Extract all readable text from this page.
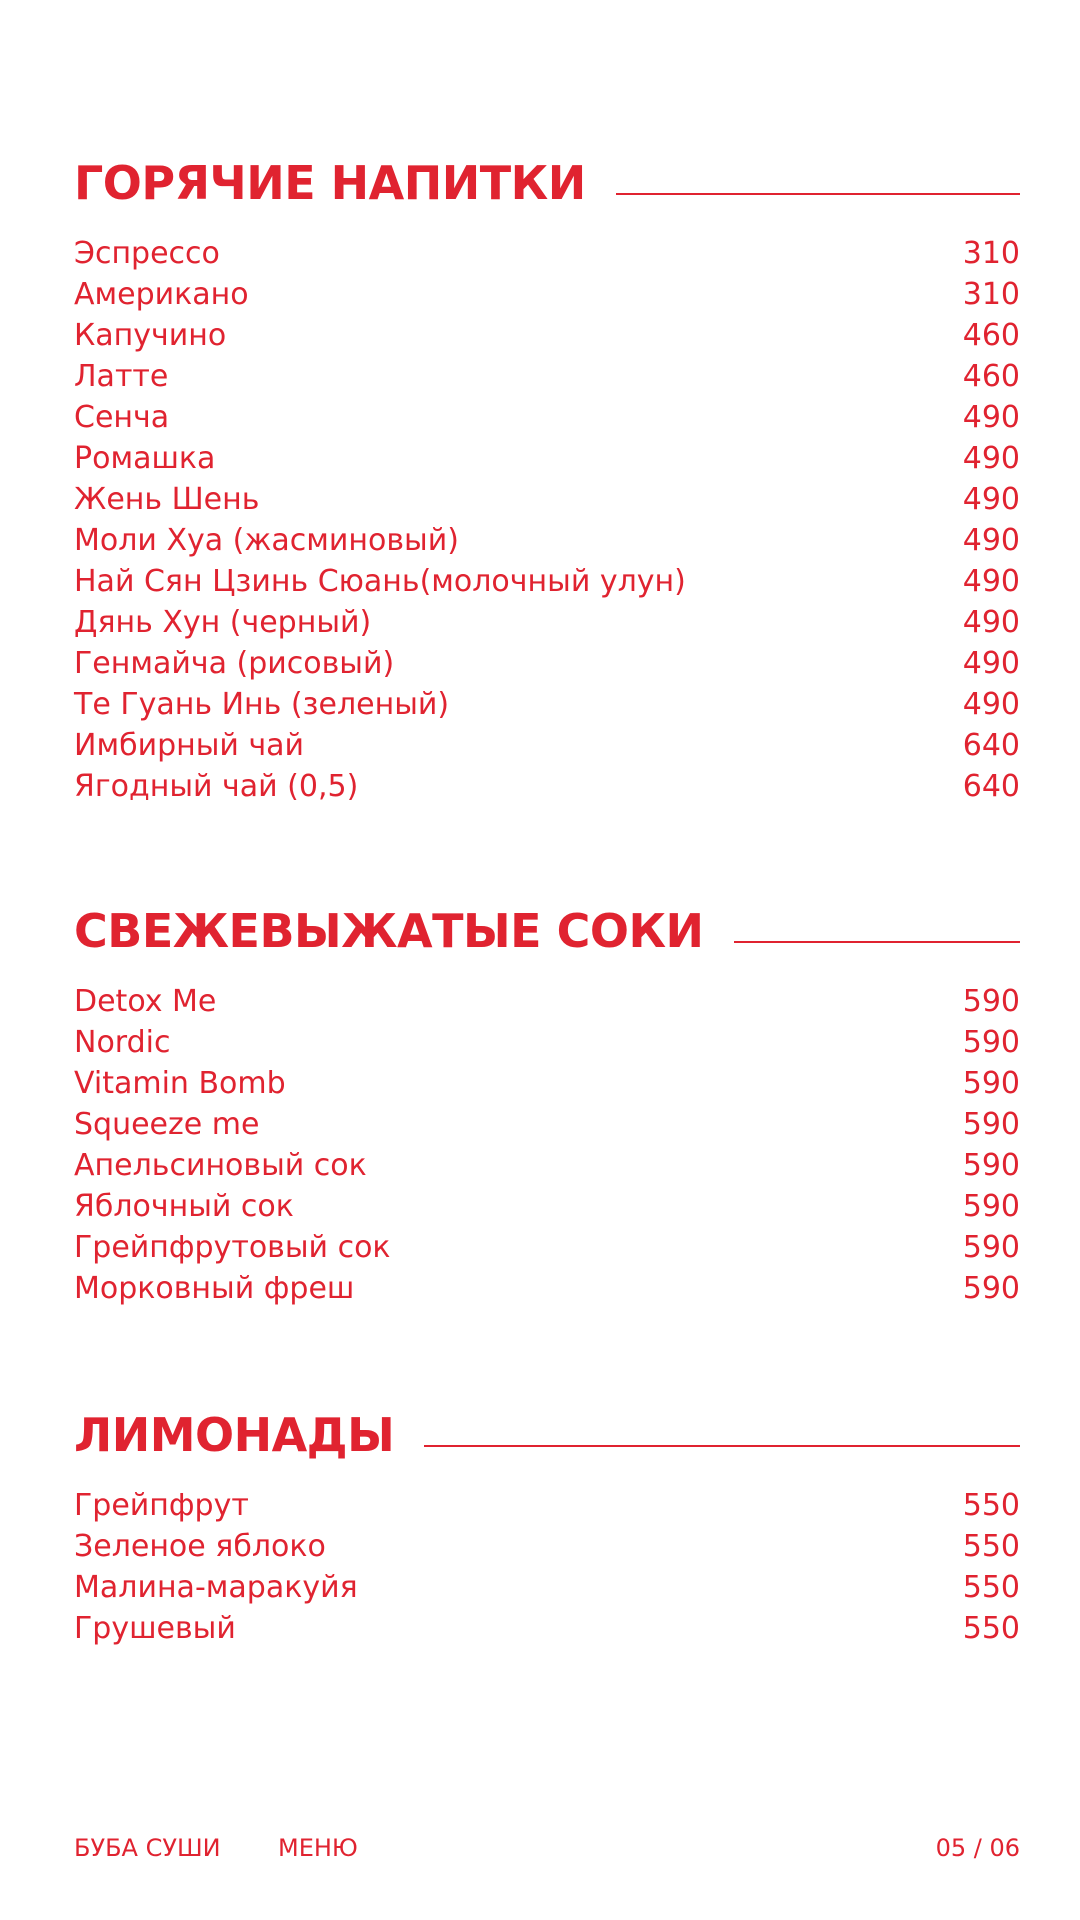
ГОРЯЧИЕ НАПИТКИ
Эспрессо	310
Американо	310
Капучино	460
Латте	460
Сенча	490
Ромашка	490
Жень Шень	490
Моли Хуа (жасминовый)	490
Най Сян Цзинь Сюань(молочный улун)	490
Дянь Хун (черный)	490
Генмайча (рисовый)	490
Те Гуань Инь (зеленый)	490
Имбирный чай	640
Ягодный чай (0,5)	640
СВЕЖЕВЫЖАТЫЕ СОКИ
Detox Me	590
Nordic	590
Vitamin Bomb	590
Squeeze me	590
Апельсиновый сок	590
Яблочный сок	590
Грейпфрутовый сок	590
Морковный фреш	590
ЛИМОНАДЫ
Грейпфрут	550
Зеленое яблоко	550
Малина-маракуйя	550
Грушевый	550
БУБА СУШИ МЕНЮ	05 / 06
